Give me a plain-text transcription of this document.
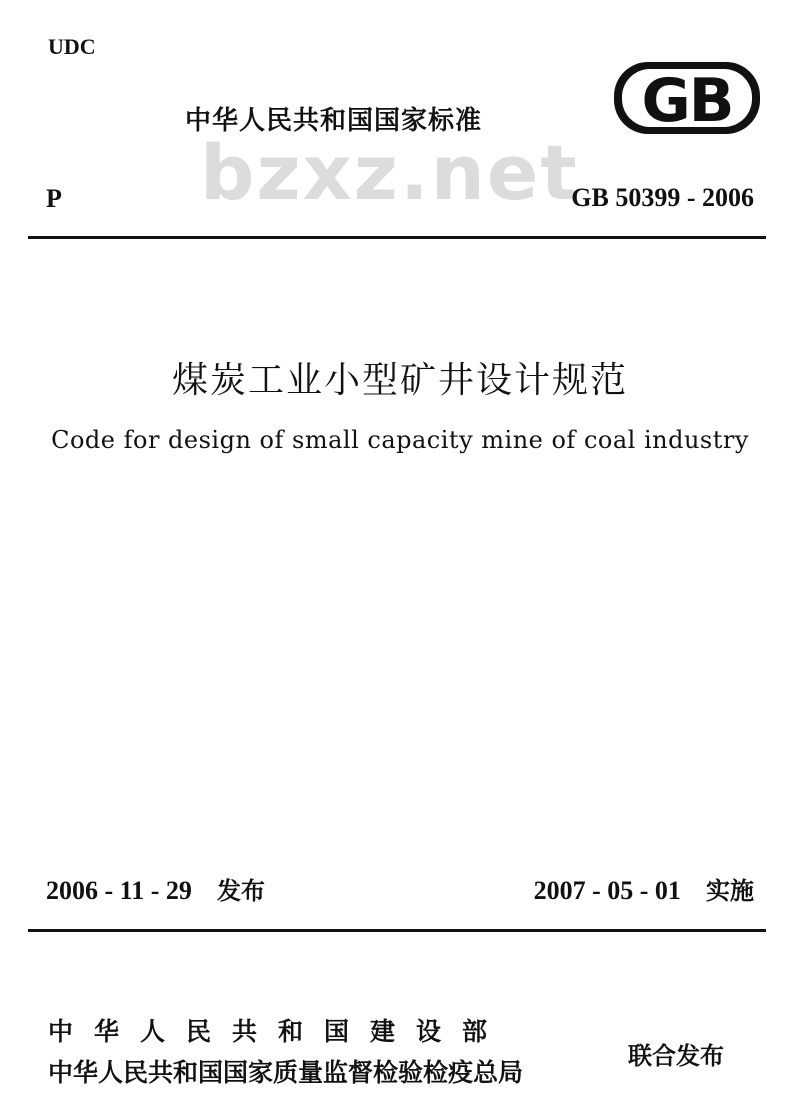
UDC
中华人民共和国国家标准	GB
bzxz.net
P	GB 50399 - 2006
煤炭工业小型矿井设计规范
Code for design of small capacity mine of coal industry
2006 - 11 - 29 发布	2007 - 05 - 01 实施
中华人民共和国建设部
中华人民共和国国家质量监督检验检疫总局
联合发布
